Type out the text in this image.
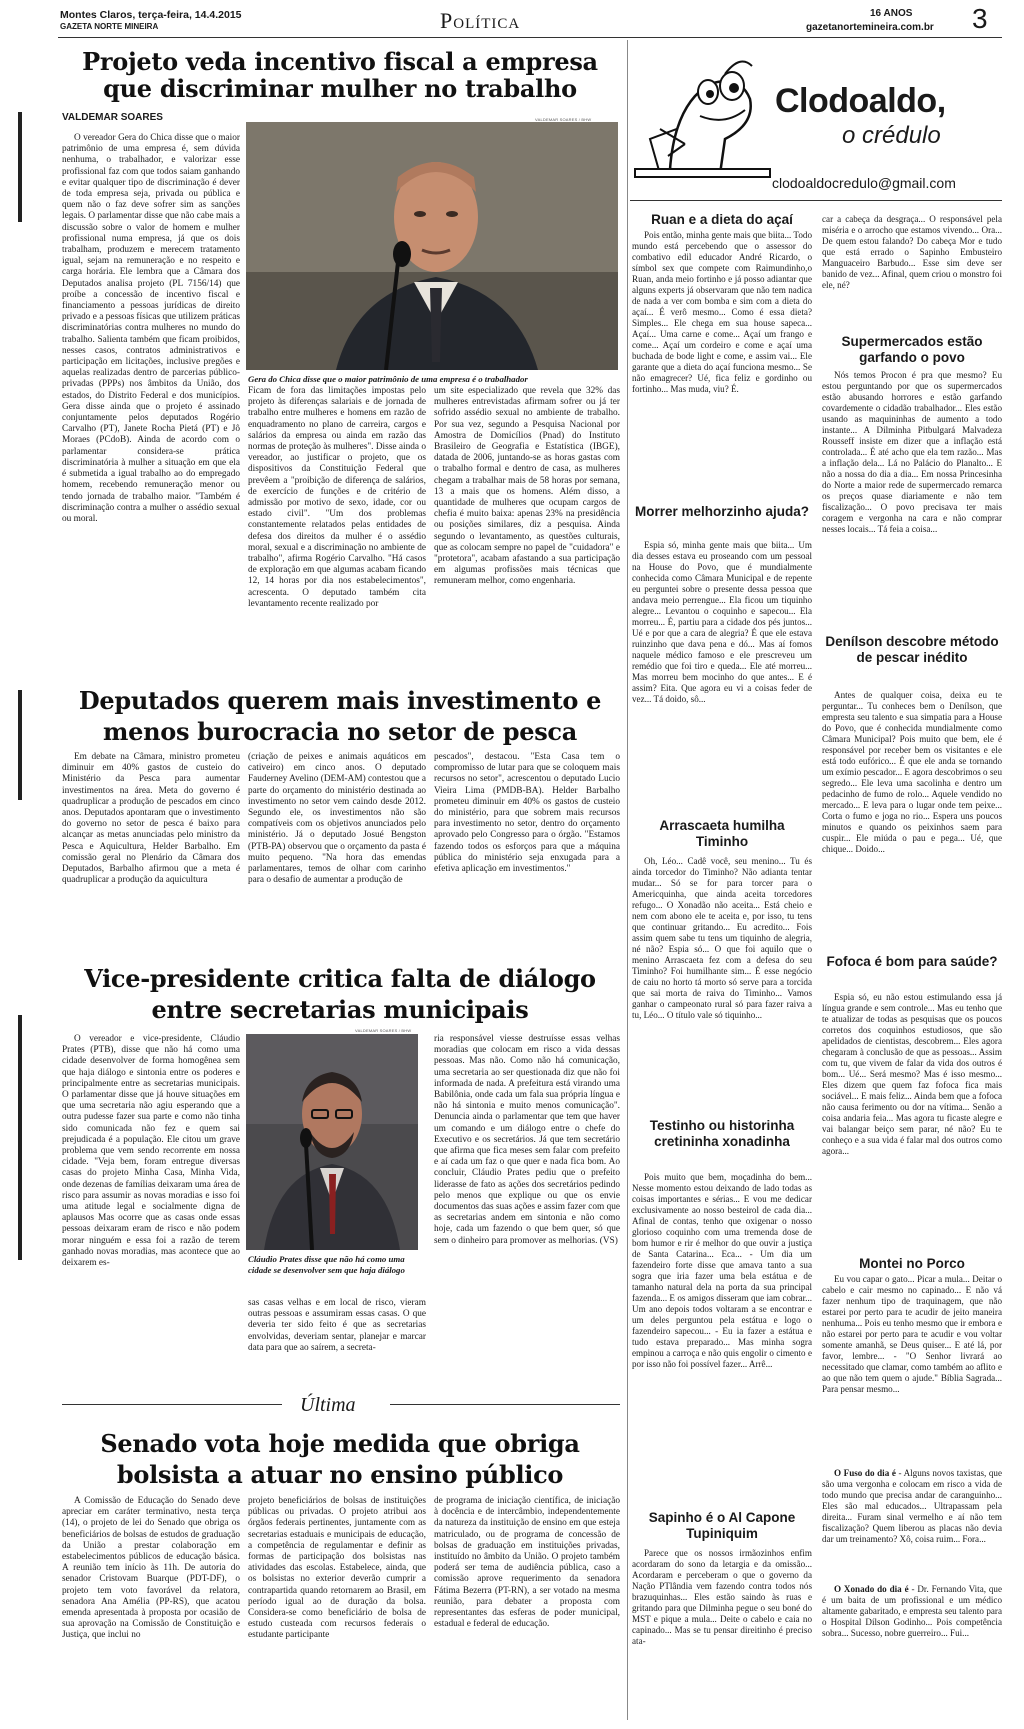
Montes Claros, terça-feira, 14.4.2015
GAZETA NORTE MINEIRA	Política	16 ANOS
gazetanortemineira.com.br 3
Projeto veda incentivo fiscal a empresa que discriminar mulher no trabalho
VALDEMAR SOARES	VALDEMAR SOARES / BHW
Gera do Chica disse que o maior patrimônio de uma empresa é o trabalhador

O vereador Gera do Chica disse que o maior patrimônio de uma empresa é, sem dúvida nenhuma, o trabalhador, e valorizar esse profissional faz com que todos saiam ganhando e evitar qualquer tipo de discriminação é dever de toda empresa seja, privada ou pública e quem não o faz deve sofrer sim as sanções legais. O parlamentar disse que não cabe mais a discussão sobre o valor de homem e mulher profissional numa empresa, já que os dois trabalham, produzem e merecem tratamento igual, sejam na remuneração e no respeito e carga horária. Ele lembra que a Câmara dos Deputados analisa projeto (PL 7156/14) que proíbe a concessão de incentivo fiscal e financiamento a pessoas jurídicas de direito privado e a pessoas físicas que utilizem práticas discriminatórias contra mulheres no mundo do trabalho. Salienta também que ficam proibidos, nesses casos, contratos administrativos e participação em licitações, inclusive pregões e aquelas realizadas dentro de parcerias público-privadas (PPPs) nos âmbitos da União, dos estados, do Distrito Federal e dos municípios. Gera disse ainda que o projeto é assinado conjuntamente pelos deputados Rogério Carvalho (PT), Janete Rocha Pietá (PT) e Jô Moraes (PCdoB). Ainda de acordo com o parlamentar considera-se prática discriminatória à mulher a situação em que ela é submetida a igual trabalho ao do empregado homem, recebendo remuneração menor ou tendo jornada de trabalho maior. "Também é discriminação contra a mulher o assédio sexual ou moral.

Ficam de fora das limitações impostas pelo projeto às diferenças salariais e de jornada de trabalho entre mulheres e homens em razão de enquadramento no plano de carreira, cargos e salários da empresa ou ainda em razão das normas de proteção às mulheres". Disse ainda o vereador, ao justificar o projeto, que os dispositivos da Constituição Federal que prevêem a "proibição de diferença de salários, de exercício de funções e de critério de admissão por motivo de sexo, idade, cor ou estado civil". "Um dos problemas constantemente relatados pelas entidades de defesa dos direitos da mulher é o assédio moral, sexual e a discriminação no ambiente de trabalho", afirma Rogério Carvalho. "Há casos de exploração em que algumas acabam ficando 12, 14 horas por dia nos estabelecimentos", acrescenta. O deputado também cita levantamento recente realizado por

um site especializado que revela que 32% das mulheres entrevistadas afirmam sofrer ou já ter sofrido assédio sexual no ambiente de trabalho. Por sua vez, segundo a Pesquisa Nacional por Amostra de Domicílios (Pnad) do Instituto Brasileiro de Geografia e Estatística (IBGE), datada de 2006, juntando-se as horas gastas com o trabalho formal e dentro de casa, as mulheres chegam a trabalhar mais de 58 horas por semana, 13 a mais que os homens. Além disso, a quantidade de mulheres que ocupam cargos de chefia é muito baixa: apenas 23% na presidência ou posições similares, diz a pesquisa. Ainda segundo o levantamento, as questões culturais, que as colocam sempre no papel de "cuidadora" e "protetora", acabam afastando a sua participação em algumas profissões mais técnicas que remuneram melhor, como engenharia.

Deputados querem mais investimento e menos burocracia no setor de pesca

Em debate na Câmara, ministro prometeu diminuir em 40% gastos de custeio do Ministério da Pesca para aumentar investimentos na área. Meta do governo é quadruplicar a produção de pescados em cinco anos. Deputados apontaram que o investimento do governo no setor de pesca é baixo para alcançar as metas anunciadas pelo ministro da Pesca e Aquicultura, Helder Barbalho. Em comissão geral no Plenário da Câmara dos Deputados, Barbalho afirmou que a meta é quadruplicar a produção da aquicultura

(criação de peixes e animais aquáticos em cativeiro) em cinco anos. O deputado Fauderney Avelino (DEM-AM) contestou que a parte do orçamento do ministério destinada ao investimento no setor vem caindo desde 2012. Segundo ele, os investimentos não são compatíveis com os objetivos anunciados pelo ministério. Já o deputado Josué Bengston (PTB-PA) observou que o orçamento da pasta é muito pequeno. "Na hora das emendas parlamentares, temos de olhar com carinho para o desafio de aumentar a produção de

pescados", destacou. "Esta Casa tem o compromisso de lutar para que se coloquem mais recursos no setor", acrescentou o deputado Lucio Vieira Lima (PMDB-BA). Helder Barbalho prometeu diminuir em 40% os gastos de custeio do ministério, para que sobrem mais recursos para investimento no setor, dentro do orçamento aprovado pelo Congresso para o órgão. "Estamos fazendo todos os esforços para que a máquina pública do ministério seja enxugada para a efetiva aplicação em investimentos."

Vice-presidente critica falta de diálogo entre secretarias municipais
VALDEMAR SOARES / BHW
Cláudio Prates disse que não há como uma cidade se desenvolver sem que haja diálogo

O vereador e vice-presidente, Cláudio Prates (PTB), disse que não há como uma cidade desenvolver de forma homogênea sem que haja diálogo e sintonia entre os poderes e principalmente entre as secretarias municipais. O parlamentar disse que já houve situações em que uma secretaria não agiu esperando que a outra pudesse fazer sua parte e como não tinha sido comunicada não fez e quem sai prejudicada é a população. Ele citou um grave problema que vem sendo recorrente em nossa cidade. "Veja bem, foram entregue diversas casas do projeto Minha Casa, Minha Vida, onde dezenas de famílias deixaram uma área de risco para assumir as novas moradias e isso foi uma atitude legal e socialmente digna de aplausos Mas ocorre que as casas onde essas pessoas deixaram eram de risco e não podem morar ninguém e essa foi a razão de terem ganhado novas moradias, mas acontece que ao deixarem es-

sas casas velhas e em local de risco, vieram outras pessoas e assumiram essas casas. O que deveria ter sido feito é que as secretarias envolvidas, deveriam sentar, planejar e marcar data para que ao saírem, a secreta-

ria responsável viesse destruísse essas velhas moradias que colocam em risco a vida dessas pessoas. Mas não. Como não há comunicação, uma secretaria ao ser questionada diz que não foi informada de nada. A prefeitura está virando uma Babilônia, onde cada um fala sua própria língua e não há sintonia e muito menos comunicação". Denuncia ainda o parlamentar que tem que haver um comando e um diálogo entre o chefe do Executivo e os secretários. Já que tem secretário que afirma que fica meses sem falar com prefeito e aí cada um faz o que quer e nada fica bom. Ao concluir, Cláudio Prates pediu que o prefeito liderasse de fato as ações dos secretários pedindo pelo menos que explique ou que os envie documentos das suas ações e assim fazer com que as secretarias andem em sintonia e não como hoje, cada um fazendo o que bem quer, só que sem o dinheiro para promover as melhorias. (VS)

Última
Senado vota hoje medida que obriga bolsista a atuar no ensino público

A Comissão de Educação do Senado deve apreciar em caráter terminativo, nesta terça (14), o projeto de lei do Senado que obriga os beneficiários de bolsas de estudos de graduação da União a prestar colaboração em estabelecimentos públicos de educação básica. A reunião tem início às 11h. De autoria do senador Cristovam Buarque (PDT-DF), o projeto tem voto favorável da relatora, senadora Ana Amélia (PP-RS), que acatou emenda apresentada à proposta por ocasião de sua aprovação na Comissão de Constituição e Justiça, que inclui no

projeto beneficiários de bolsas de instituições públicas ou privadas. O projeto atribui aos órgãos federais pertinentes, juntamente com as secretarias estaduais e municipais de educação, a competência de regulamentar e definir as formas de participação dos bolsistas nas atividades das escolas. Estabelece, ainda, que os bolsistas no exterior deverão cumprir a contrapartida quando retornarem ao Brasil, em período igual ao de duração da bolsa. Considera-se como beneficiário de bolsa de estudo custeada com recursos federais o estudante participante

de programa de iniciação científica, de iniciação à docência e de intercâmbio, independentemente da natureza da instituição de ensino em que esteja matriculado, ou de programa de concessão de bolsas de graduação em instituições privadas, instituído no âmbito da União. O projeto também poderá ser tema de audiência pública, caso a comissão aprove requerimento da senadora Fátima Bezerra (PT-RN), a ser votado na mesma reunião, para debater a proposta com representantes das esferas de poder municipal, estadual e federal de educação.

Clodoaldo,
o crédulo
clodoaldocredulo@gmail.com
Ruan e a dieta do açaí

Pois então, minha gente mais que biita... Todo mundo está percebendo que o assessor do combativo edil educador André Ricardo, o símbol sex que compete com Raimundinho,o Ruan, anda meio fortinho e já posso adiantar que alguns experts já observaram que não tem nadica de nada a ver com bomba e sim com a dieta do açaí... É verô mesmo... Como é essa dieta? Simples... Ele chega em sua house sapeca... Açaí... Uma carne e come... Açaí um frango e come... Açaí um cordeiro e come e açaí uma buchada de bode light e come, e assim vai... Ele garante que a dieta do açaí funciona mesmo... Se não emagrecer? Ué, fica feliz e gordinho ou fortinho... Mas muda, viu? É.

Morrer melhorzinho ajuda?

Espia só, minha gente mais que biita... Um dia desses estava eu proseando com um pessoal na House do Povo, que é mundialmente conhecida como Câmara Municipal e de repente eu perguntei sobre o presente dessa pessoa que andava meio perrengue... Ela ficou um tiquinho alegre... Levantou o coquinho e sapecou... Ela morreu... É, partiu para a cidade dos pés juntos... Ué e por que a cara de alegria? É que ele estava ruinzinho que dava pena e dó... Mas aí fomos naquele médico famoso e ele prescreveu um remédio que foi tiro e queda... Ele até morreu... Mas morreu bem mocinho do que antes... E é assim? Eita. Que agora eu vi a coisas feder de vez... Tá doido, sô...

Arrascaeta humilha Timinho

Oh, Léo... Cadê você, seu menino... Tu és ainda torcedor do Timinho? Não adianta tentar mudar... Só se for para torcer para o Americquinha, que ainda aceita torcedores refugo... O Xonadão não aceita... Está cheio e nem com abono ele te aceita e, por isso, tu tens que continuar gritando... Eu acredito... Fois assim quem sabe tu tens um tiquinho de alegria, né não? Espia só... O que foi aquilo que o menino Arrascaeta fez com a defesa do seu Timinho? Foi humilhante sim... É esse negócio de caiu no horto tá morto só serve para a torcida que sai morta de raiva do Timinho... Vamos ganhar o campeonato rural só para fazer raiva a tu, Léo... O título vale só tiquinho...

Testinho ou historinha cretininha xonadinha

Pois muito que bem, moçadinha do bem... Nesse momento estou deixando de lado todas as coisas importantes e sérias... E vou me dedicar exclusivamente ao nosso besteirol de cada dia... Afinal de contas, tenho que oxigenar o nosso glorioso coquinho com uma tremenda dose de bom humor e rir é melhor do que ouvir a justiça de Santa Catarina... Eca... - Um dia um fazendeiro forte disse que amava tanto a sua sogra que iria fazer uma bela estátua e de tamanho natural dela na porta da sua principal fazenda... E os amigos disseram que iam cobrar... Um ano depois todos voltaram a se encontrar e um deles perguntou pela estátua e logo o fazendeiro sapecou... - Eu ia fazer a estátua e tudo estava preparado... Mas minha sogra empinou a carroça e não quis engolir o cimento e por isso não foi possível fazer... Arrê...

Sapinho é o Al Capone Tupiniquim

Parece que os nossos irmãozinhos enfim acordaram do sono da letargia e da omissão... Acordaram e perceberam o que o governo da Nação PTlândia vem fazendo contra todos nós brazuquinhas... Eles estão saindo às ruas e gritando para que Dilminha pegue o seu boné do MST e pique a mula... Deite o cabelo e caia no capinado... Mas se tu pensar direitinho é preciso ata-

car a cabeça da desgraça... O responsável pela miséria e o arrocho que estamos vivendo... Ora... De quem estou falando? Do cabeça Mor e tudo que está errado o Sapinho Embusteiro Manguaceiro Barbudo... Esse sim deve ser banido de vez... Afinal, quem criou o monstro foi ele, né?

Supermercados estão garfando o povo

Nós temos Procon é pra que mesmo? Eu estou perguntando por que os supermercados estão abusando horrores e estão garfando covardemente o cidadão trabalhador... Eles estão usando as maquininhas de aumento a todo instante... A Dilminha Pitbulgará Malvadeza Rousseff insiste em dizer que a inflação está controlada... É até acho que ela tem razão... Mas a inflação dela... Lá no Palácio do Planalto... E não a nossa do dia a dia... Em nossa Princesinha do Norte a maior rede de supermercado remarca os preços quase diariamente e não tem fiscalização... O povo precisava ter mais coragem e vergonha na cara e não comprar nesses locais... Tá feia a coisa...

Denílson descobre método de pescar inédito

Antes de qualquer coisa, deixa eu te perguntar... Tu conheces bem o Denílson, que empresta seu talento e sua simpatia para a House do Povo, que é conhecida mundialmente como Câmara Municipal? Pois muito que bem, ele é responsável por receber bem os visitantes e ele está todo eufórico... É que ele anda se tornando um exímio pescador... E agora descobrimos o seu segredo... Ele leva uma sacolinha e dentro um pedacinho de fumo de rolo... Aquele vendido no mercado... E leva para o lugar onde tem peixe... Corta o fumo e joga no rio... Espera uns poucos minutos e quando os peixinhos saem para cuspir... Ele miúda o pau e pega... Ué, que chique... Doido...

Fofoca é bom para saúde?

Espia só, eu não estou estimulando essa já língua grande e sem controle... Mas eu tenho que te atualizar de todas as pesquisas que os poucos corretos dos coquinhos estudiosos, que são apelidados de cientistas, descobrem... Eles agora chegaram à conclusão de que as pessoas... Assim com tu, que vivem de falar da vida dos outros é bom... Ué... Será mesmo? Mas é isso mesmo... Eles dizem que quem faz fofoca fica mais sociável... E mais feliz... Ainda bem que a fofoca não causa ferimento ou dor na vítima... Senão a coisa andaria feia... Mas agora tu ficaste alegre e vai balangar beiço sem parar, né não? Eu te conheço e a sua vida é falar mal dos outros como agora...

Montei no Porco

Eu vou capar o gato... Picar a mula... Deitar o cabelo e cair mesmo no capinado... E não vá fazer nenhum tipo de traquinagem, que não estarei por perto para te acudir de jeito maneira nenhuma... Pois eu tenho mesmo que ir embora e não estarei por perto para te acudir e vou voltar somente amanhã, se Deus quiser... E até lá, por favor, lembre... - "O Senhor livrará ao necessitado que clamar, como também ao aflito e ao que não tem quem o ajude." Bíblia Sagrada... Para pensar mesmo...

O Fuso do dia é - Alguns novos taxistas, que são uma vergonha e colocam em risco a vida de todo mundo que precisa andar de caranguinho... Eles são mal educados... Ultrapassam pela direita... Furam sinal vermelho e aí não tem fiscalização? Quem liberou as placas não devia dar um treinamento? Xô, coisa ruim... Fora...

O Xonado do dia é - Dr. Fernando Vita, que é um baita de um profissional e um médico altamente gabaritado, e empresta seu talento para o Hospital Dílson Godinho... Pois competência sobra... Sucesso, nobre guerreiro... Fui...
